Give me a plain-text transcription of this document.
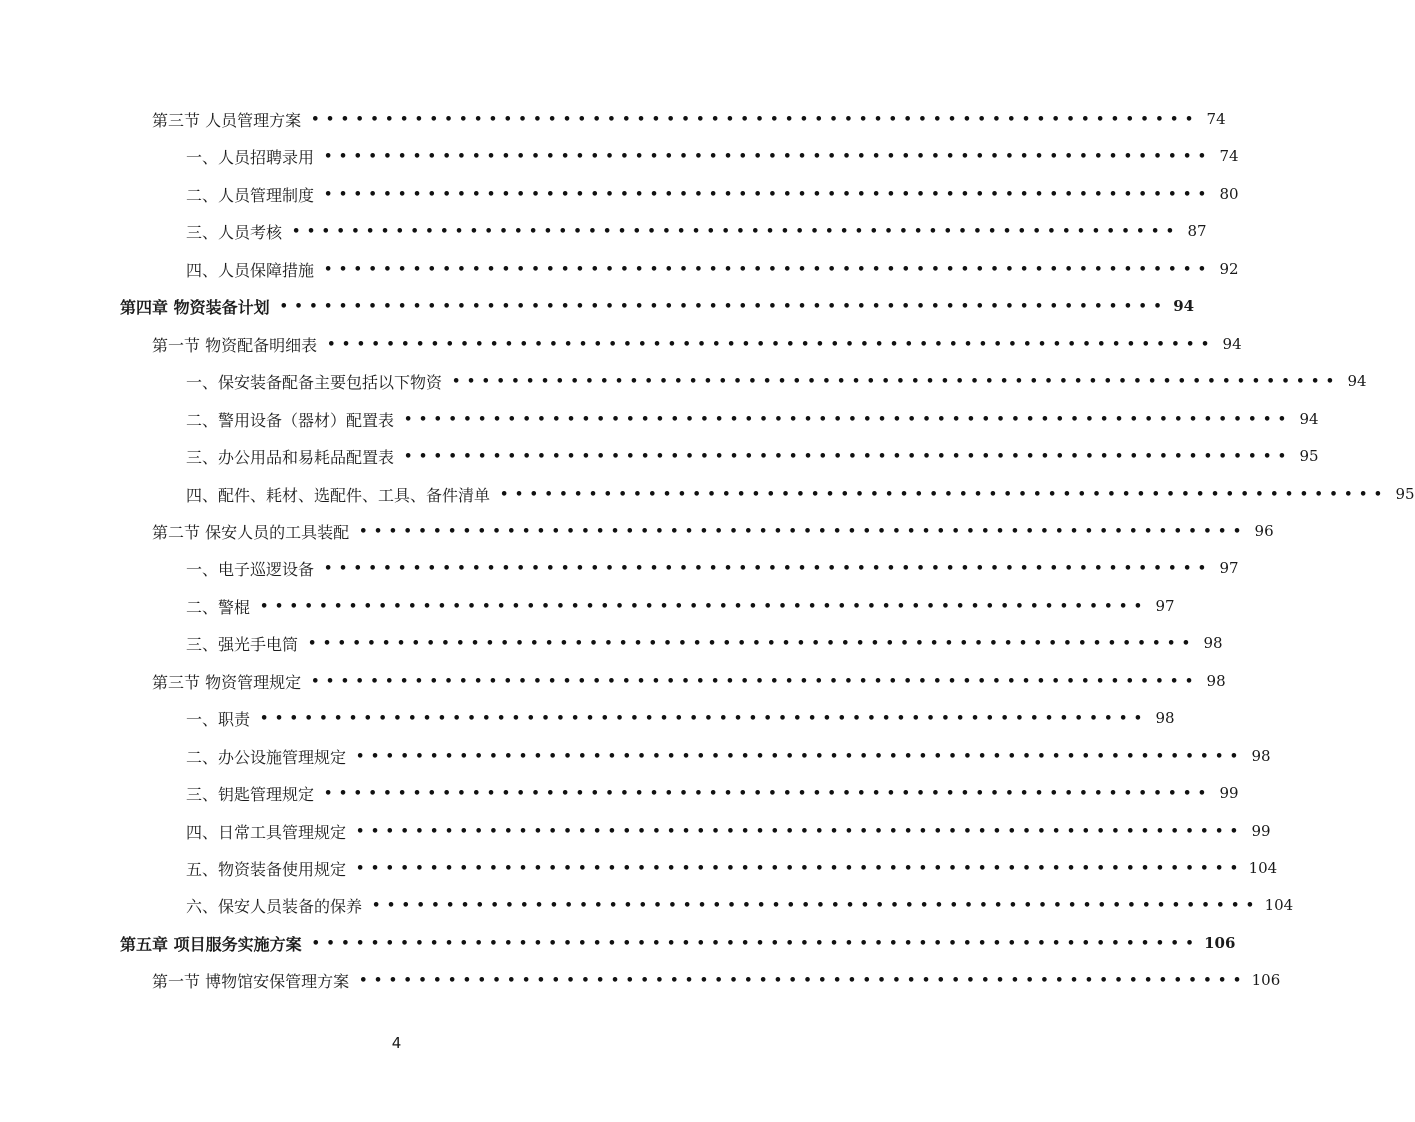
第三节 人员管理方案 •••••••••••••••••••••••••••••••••••••••••••••••••••••••••••• 74
一、人员招聘录用 •••••••••••••••••••••••••••••••••••••••••••••••••••••••••••• 74
二、人员管理制度 •••••••••••••••••••••••••••••••••••••••••••••••••••••••••••• 80
三、人员考核 •••••••••••••••••••••••••••••••••••••••••••••••••••••••••••• 87
四、人员保障措施 •••••••••••••••••••••••••••••••••••••••••••••••••••••••••••• 92
第四章 物资装备计划 •••••••••••••••••••••••••••••••••••••••••••••••••••••••••••• 94
第一节 物资配备明细表 •••••••••••••••••••••••••••••••••••••••••••••••••••••••••••• 94
一、保安装备配备主要包括以下物资 •••••••••••••••••••••••••••••••••••••••••••••••••••••••••••• 94
二、警用设备（器材）配置表 •••••••••••••••••••••••••••••••••••••••••••••••••••••••••••• 94
三、办公用品和易耗品配置表 •••••••••••••••••••••••••••••••••••••••••••••••••••••••••••• 95
四、配件、耗材、选配件、工具、备件清单 •••••••••••••••••••••••••••••••••••••••••••••••••••••••••••• 95
第二节 保安人员的工具装配 •••••••••••••••••••••••••••••••••••••••••••••••••••••••••••• 96
一、电子巡逻设备 •••••••••••••••••••••••••••••••••••••••••••••••••••••••••••• 97
二、警棍 •••••••••••••••••••••••••••••••••••••••••••••••••••••••••••• 97
三、强光手电筒 •••••••••••••••••••••••••••••••••••••••••••••••••••••••••••• 98
第三节 物资管理规定 •••••••••••••••••••••••••••••••••••••••••••••••••••••••••••• 98
一、职责 •••••••••••••••••••••••••••••••••••••••••••••••••••••••••••• 98
二、办公设施管理规定 •••••••••••••••••••••••••••••••••••••••••••••••••••••••••••• 98
三、钥匙管理规定 •••••••••••••••••••••••••••••••••••••••••••••••••••••••••••• 99
四、日常工具管理规定 •••••••••••••••••••••••••••••••••••••••••••••••••••••••••••• 99
五、物资装备使用规定 •••••••••••••••••••••••••••••••••••••••••••••••••••••••••••• 104
六、保安人员装备的保养 •••••••••••••••••••••••••••••••••••••••••••••••••••••••••••• 104
第五章 项目服务实施方案 •••••••••••••••••••••••••••••••••••••••••••••••••••••••••••• 106
第一节 博物馆安保管理方案 •••••••••••••••••••••••••••••••••••••••••••••••••••••••••••• 106
4
